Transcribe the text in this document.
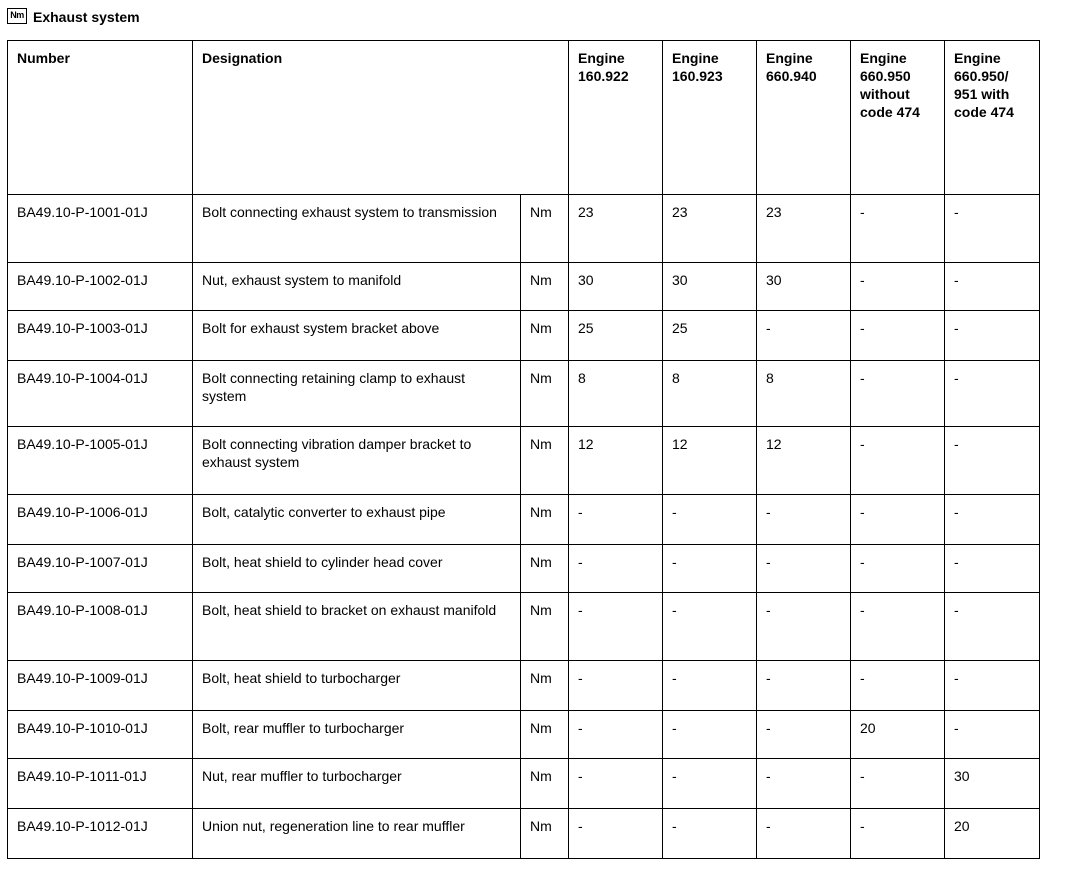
Nm Exhaust system
Number	Designation		Engine 160.922	Engine 160.923	Engine 660.940	Engine 660.950 without code 474	Engine 660.950/ 951 with code 474
BA49.10-P-1001-01J	Bolt connecting exhaust system to transmission	Nm	23	23	23	-	-
BA49.10-P-1002-01J	Nut, exhaust system to manifold	Nm	30	30	30	-	-
BA49.10-P-1003-01J	Bolt for exhaust system bracket above	Nm	25	25	-	-	-
BA49.10-P-1004-01J	Bolt connecting retaining clamp to exhaust system	Nm	8	8	8	-	-
BA49.10-P-1005-01J	Bolt connecting vibration damper bracket to exhaust system	Nm	12	12	12	-	-
BA49.10-P-1006-01J	Bolt, catalytic converter to exhaust pipe	Nm	-	-	-	-	-
BA49.10-P-1007-01J	Bolt, heat shield to cylinder head cover	Nm	-	-	-	-	-
BA49.10-P-1008-01J	Bolt, heat shield to bracket on exhaust manifold	Nm	-	-	-	-	-
BA49.10-P-1009-01J	Bolt, heat shield to turbocharger	Nm	-	-	-	-	-
BA49.10-P-1010-01J	Bolt, rear muffler to turbocharger	Nm	-	-	-	20	-
BA49.10-P-1011-01J	Nut, rear muffler to turbocharger	Nm	-	-	-	-	30
BA49.10-P-1012-01J	Union nut, regeneration line to rear muffler	Nm	-	-	-	-	20
